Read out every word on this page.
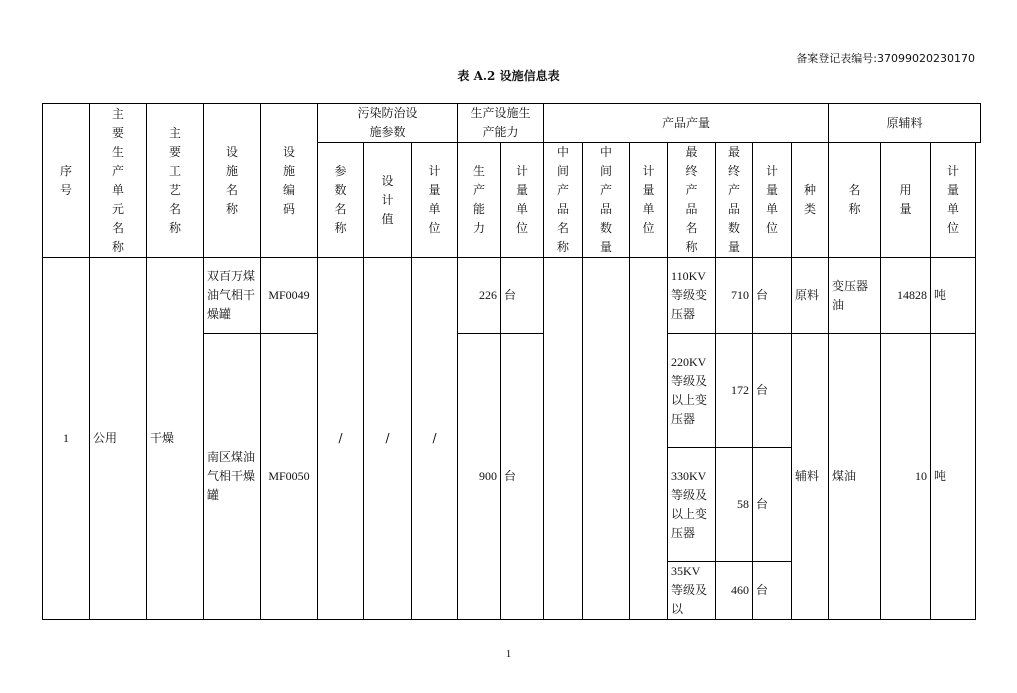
备案登记表编号:37099020230170
表 A.2 设施信息表
序号	主要生产单元名称	主要工艺名称	设施名称	设施编码	污染防治设施参数			生产设施生产能力		产品产量							原辅料		

					参数名称	设计值	计量单位	生产能力	计量单位	中间产品名称	中间产品数量	计量单位	最终产品名称	最终产品数量	计量单位	种类	名称	用量	计量单位

1	公用	干燥	双百万煤油气相干燥罐	MF0049	/	/	/	226	台				110KV等级变压器	710	台	原料	变压器油	14828	吨
			南区煤油气相干燥罐	MF0050				900	台				220KV等级及以上变压器	172	台	辅料	煤油	10	吨
													330KV等级及以上变压器	58	台				
													35KV等级及以	460	台				
1
